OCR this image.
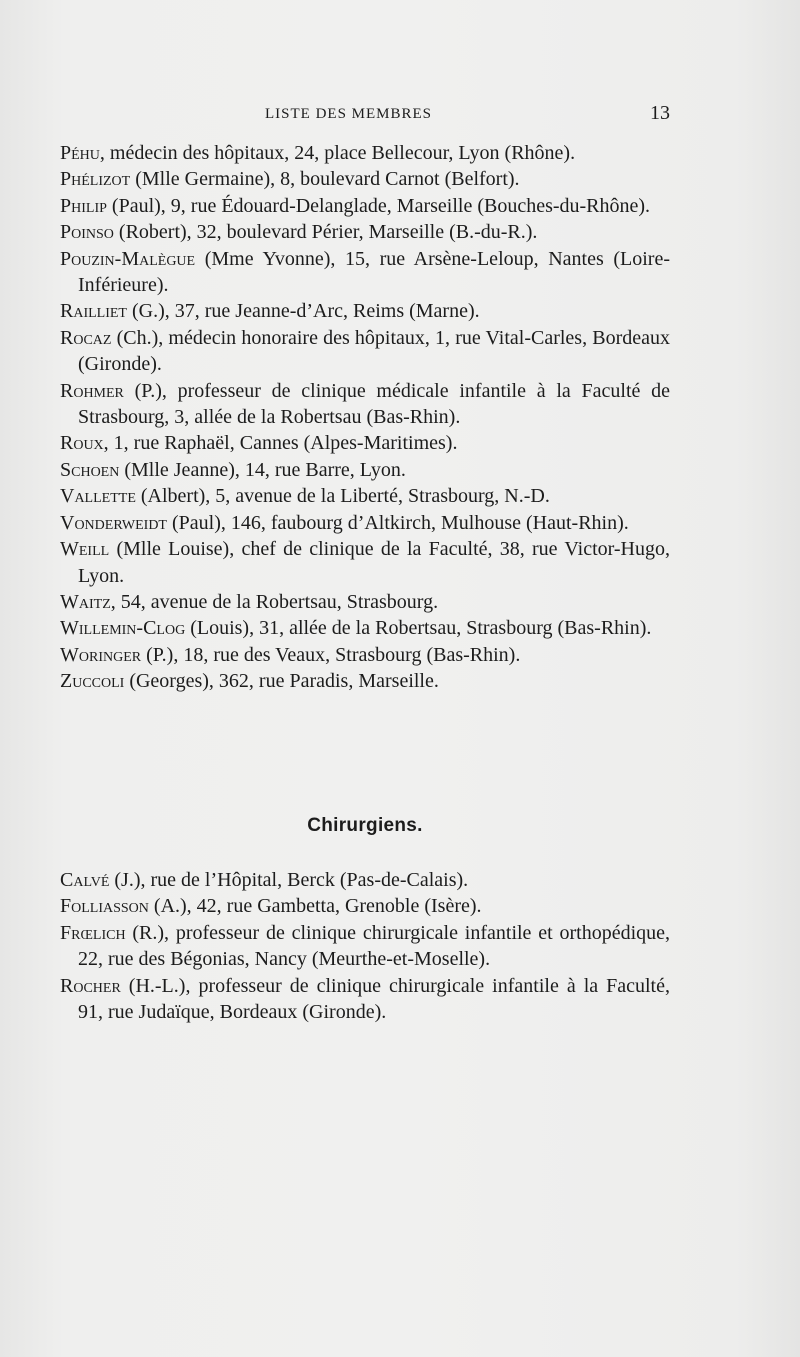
LISTE DES MEMBRES	13

Péhu, médecin des hôpitaux, 24, place Bellecour, Lyon (Rhône).

Phélizot (Mlle Germaine), 8, boulevard Carnot (Belfort).

Philip (Paul), 9, rue Édouard-Delanglade, Marseille (Bouches-du-Rhône).

Poinso (Robert), 32, boulevard Périer, Marseille (B.-du-R.).

Pouzin-Malègue (Mme Yvonne), 15, rue Arsène-Leloup, Nantes (Loire-Inférieure).

Railliet (G.), 37, rue Jeanne-d’Arc, Reims (Marne).

Rocaz (Ch.), médecin honoraire des hôpitaux, 1, rue Vital-Carles, Bordeaux (Gironde).

Rohmer (P.), professeur de clinique médicale infantile à la Faculté de Strasbourg, 3, allée de la Robertsau (Bas-Rhin).

Roux, 1, rue Raphaël, Cannes (Alpes-Maritimes).

Schoen (Mlle Jeanne), 14, rue Barre, Lyon.

Vallette (Albert), 5, avenue de la Liberté, Strasbourg, N.-D.

Vonderweidt (Paul), 146, faubourg d’Altkirch, Mulhouse (Haut-Rhin).

Weill (Mlle Louise), chef de clinique de la Faculté, 38, rue Victor-Hugo, Lyon.

Waitz, 54, avenue de la Robertsau, Strasbourg.

Willemin-Clog (Louis), 31, allée de la Robertsau, Strasbourg (Bas-Rhin).

Woringer (P.), 18, rue des Veaux, Strasbourg (Bas-Rhin).

Zuccoli (Georges), 362, rue Paradis, Marseille.

Chirurgiens.

Calvé (J.), rue de l’Hôpital, Berck (Pas-de-Calais).

Folliasson (A.), 42, rue Gambetta, Grenoble (Isère).

Frœlich (R.), professeur de clinique chirurgicale infantile et orthopédique, 22, rue des Bégonias, Nancy (Meurthe-et-Moselle).

Rocher (H.-L.), professeur de clinique chirurgicale infantile à la Faculté, 91, rue Judaïque, Bordeaux (Gironde).
